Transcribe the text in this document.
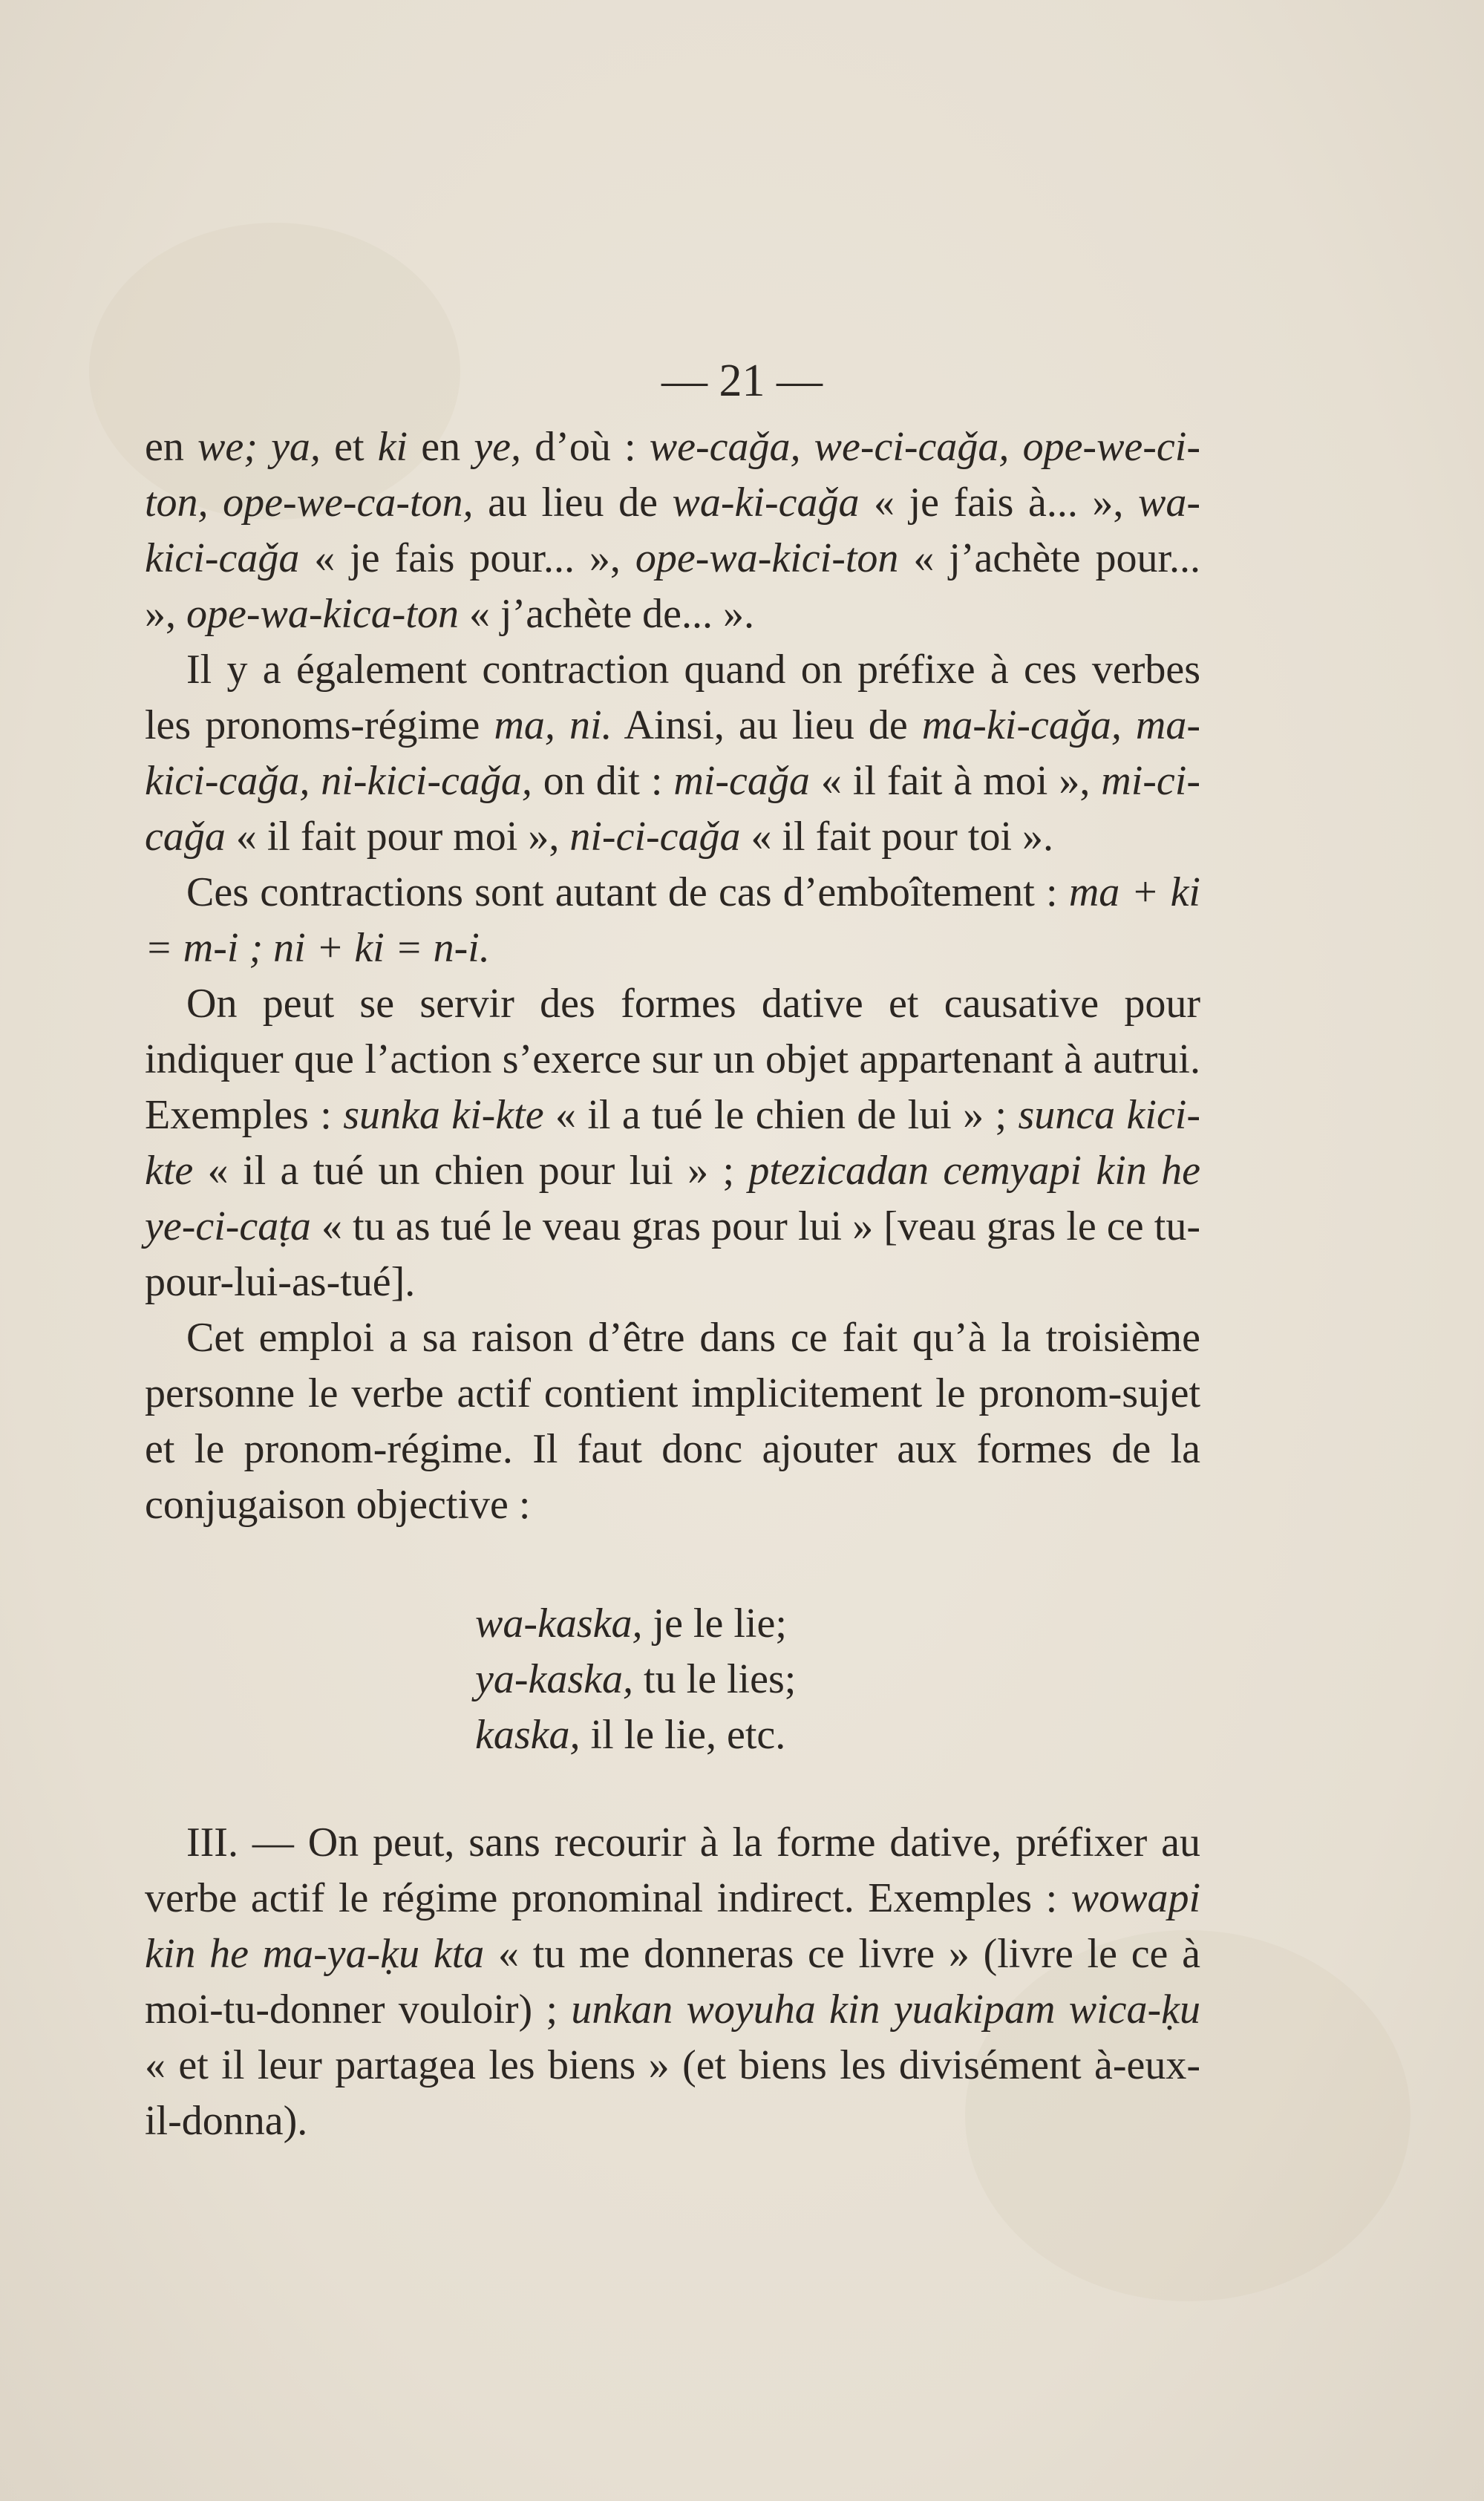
— 21 —

en we; ya, et ki en ye, d’où : we-caǧa, we-ci-caǧa, ope-we-ci-ton, ope-we-ca-ton, au lieu de wa-ki-caǧa « je fais à... », wa-kici-caǧa « je fais pour... », ope-wa-kici-ton « j’achète pour... », ope-wa-kica-ton « j’achète de... ».

Il y a également contraction quand on préfixe à ces verbes les pronoms-régime ma, ni. Ainsi, au lieu de ma-ki-caǧa, ma-kici-caǧa, ni-kici-caǧa, on dit : mi-caǧa « il fait à moi », mi-ci-caǧa « il fait pour moi », ni-ci-caǧa « il fait pour toi ».

Ces contractions sont autant de cas d’emboîtement : ma + ki = m-i ; ni + ki = n-i.

On peut se servir des formes dative et causative pour indiquer que l’action s’exerce sur un objet appartenant à autrui. Exemples : sunka ki-kte « il a tué le chien de lui » ; sunca kici-kte « il a tué un chien pour lui » ; ptezicadan cemyapi kin he ye-ci-caṭa « tu as tué le veau gras pour lui » [veau gras le ce tu-pour-lui-as-tué].

Cet emploi a sa raison d’être dans ce fait qu’à la troisième personne le verbe actif contient implicitement le pronom-sujet et le pronom-régime. Il faut donc ajouter aux formes de la conjugaison objective :

wa-kaska, je le lie;
ya-kaska, tu le lies;
kaska, il le lie, etc.

III. — On peut, sans recourir à la forme dative, préfixer au verbe actif le régime pronominal indirect. Exemples : wowapi kin he ma-ya-ḳu kta « tu me donneras ce livre » (livre le ce à moi-tu-donner vouloir) ; unkan woyuha kin yuakipam wica-ḳu « et il leur partagea les biens » (et biens les divisément à-eux-il-donna).
